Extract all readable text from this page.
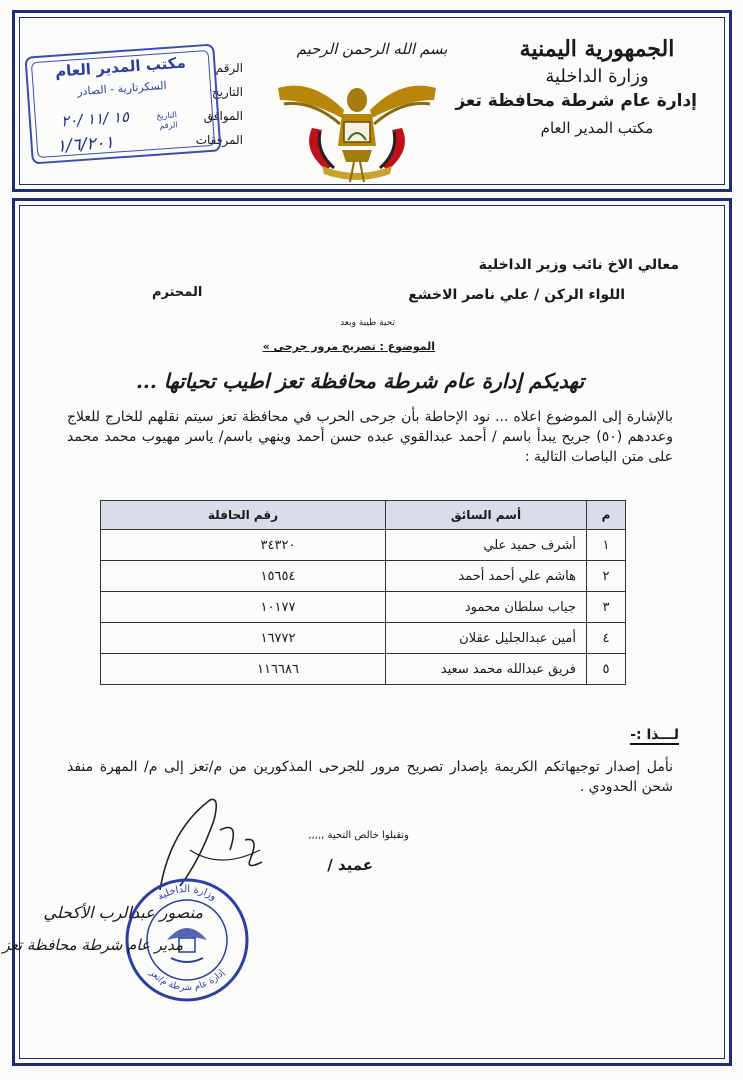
الجمهورية اليمنية
وزارة الداخلية
إدارة عام شرطة محافظة تعز
مكتب المدير العام
بسم الله الرحمن الرحيم
الرقم
التاريخ
الموافق
المرفقات
مكتب المدير العام
السكرتارية - الصادر
التاريخ
الرقم
١٥ /١١ /٢٠
١/٦/٢٠١
معالي الاخ نائب وزير الداخلية
اللواء الركن / علي ناصر الاخشع
المحترم
تحية طيبة وبعد
الموضوع : تصريح مرور جرحى »
تهديكم إدارة عام شرطة محافظة تعز اطيب تحياتها ...
بالإشارة إلى الموضوع اعلاه ... نود الإحاطة بأن جرحى الحرب في محافظة تعز سيتم نقلهم للخارج للعلاج وعددهم (٥٠) جريح يبدأ باسم / أحمد عبدالقوي عبده حسن أحمد وينهي باسم/ ياسر مهيوب محمد محمد على متن الباصات التالية :
م	أسم السائق	رقم الحافلة
١	أشرف حميد علي	٣٤٣٢٠
٢	هاشم علي أحمد أحمد	١٥٦٥٤
٣	جياب سلطان محمود	١٠١٧٧
٤	أمين عبدالجليل عقلان	١٦٧٧٢
٥	فريق عبدالله محمد سعيد	١١٦٦٨٦
لـــذا :-
نأمل إصدار توجيهاتكم الكريمة بإصدار تصريح مرور للجرحى المذكورين من م/تعز إلى م/ المهرة منفذ شحن الحدودي .
وتقبلوا خالص التحية ,,,,,
عميد /
وزارة الداخلية
إدارة عام شرطة م/تعز
منصور عبدالرب الأكحلي
مدير عام شرطة محافظة تعز
